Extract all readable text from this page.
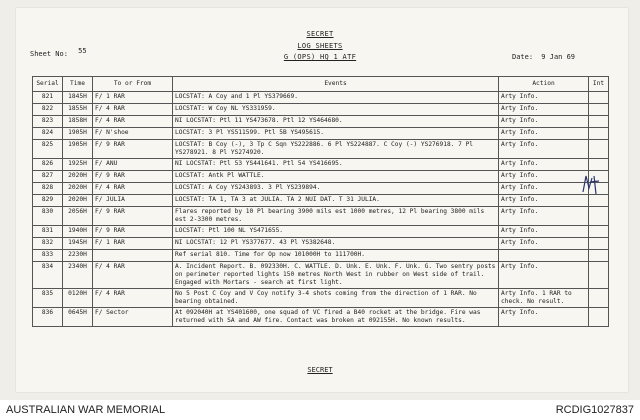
SECRET
LOG SHEETS
G (OPS) HQ 1 ATF
Sheet No: 55
Date: 9 Jan 69
Serial	Time	To or From	Events	Action	Int
821	1845H	F/ 1 RAR	LOCSTAT: A Coy and 1 Pl YS379669.	Arty Info.	
822	1855H	F/ 4 RAR	LOCSTAT: W Coy NL YS331959.	Arty Info.	
823	1858H	F/ 4 RAR	NI LOCSTAT: Ptl 11 YS473678. Ptl 12 YS464680.	Arty Info.	
824	1905H	F/ N'shoe	LOCSTAT: 3 Pl YS511599. Ptl 5B YS495615.	Arty Info.	
825	1905H	F/ 9 RAR	LOCSTAT: B Coy (-), 3 Tp C Sqn YS222886. 6 Pl YS224887. C Coy (-) YS276918. 7 Pl YS278921. 8 Pl YS274920.	Arty Info.	
826	1925H	F/ ANU	NI LOCSTAT: Ptl 53 YS441641. Ptl 54 YS416695.	Arty Info.	
827	2020H	F/ 9 RAR	LOCSTAT: Antk Pl WATTLE.	Arty Info.	
828	2020H	F/ 4 RAR	LOCSTAT: A Coy YS243893. 3 Pl YS239894.	Arty Info.	
829	2020H	F/ JULIA	LOCSTAT: TA 1, TA 3 at JULIA. TA 2 NUI DAT. T 31 JULIA.	Arty Info.	
830	2056H	F/ 9 RAR	Flares reported by 10 Pl bearing 3900 mils est 1000 metres, 12 Pl bearing 3800 mils est 2-3300 metres.	Arty Info.	
831	1940H	F/ 9 RAR	LOCSTAT: Ptl 100 NL YS471655.	Arty Info.	
832	1945H	F/ 1 RAR	NI LOCSTAT: 12 Pl YS377677. 43 Pl YS382648.	Arty Info.	
833	2230H		Ref serial 810. Time for Op now 101000H to 111700H.		
834	2340H	F/ 4 RAR	A. Incident Report. B. 092330H. C. WATTLE. D. Unk. E. Unk. F. Unk. G. Two sentry posts on perimeter reported lights 150 metres North West in rubber on West side of trail. Engaged with Mortars - search at first light.	Arty Info.	
835	0120H	F/ 4 RAR	No 5 Post C Coy and V Coy notify 3-4 shots coming from the direction of 1 RAR. No bearing obtained.	Arty Info. 1 RAR to check. No result.	
836	0645H	F/ Sector	At 092040H at YS401600, one squad of VC fired a B40 rocket at the bridge. Fire was returned with SA and AW fire. Contact was broken at 092155H. No known results.	Arty Info.	
SECRET
AUSTRALIAN WAR MEMORIAL	RCDIG1027837
